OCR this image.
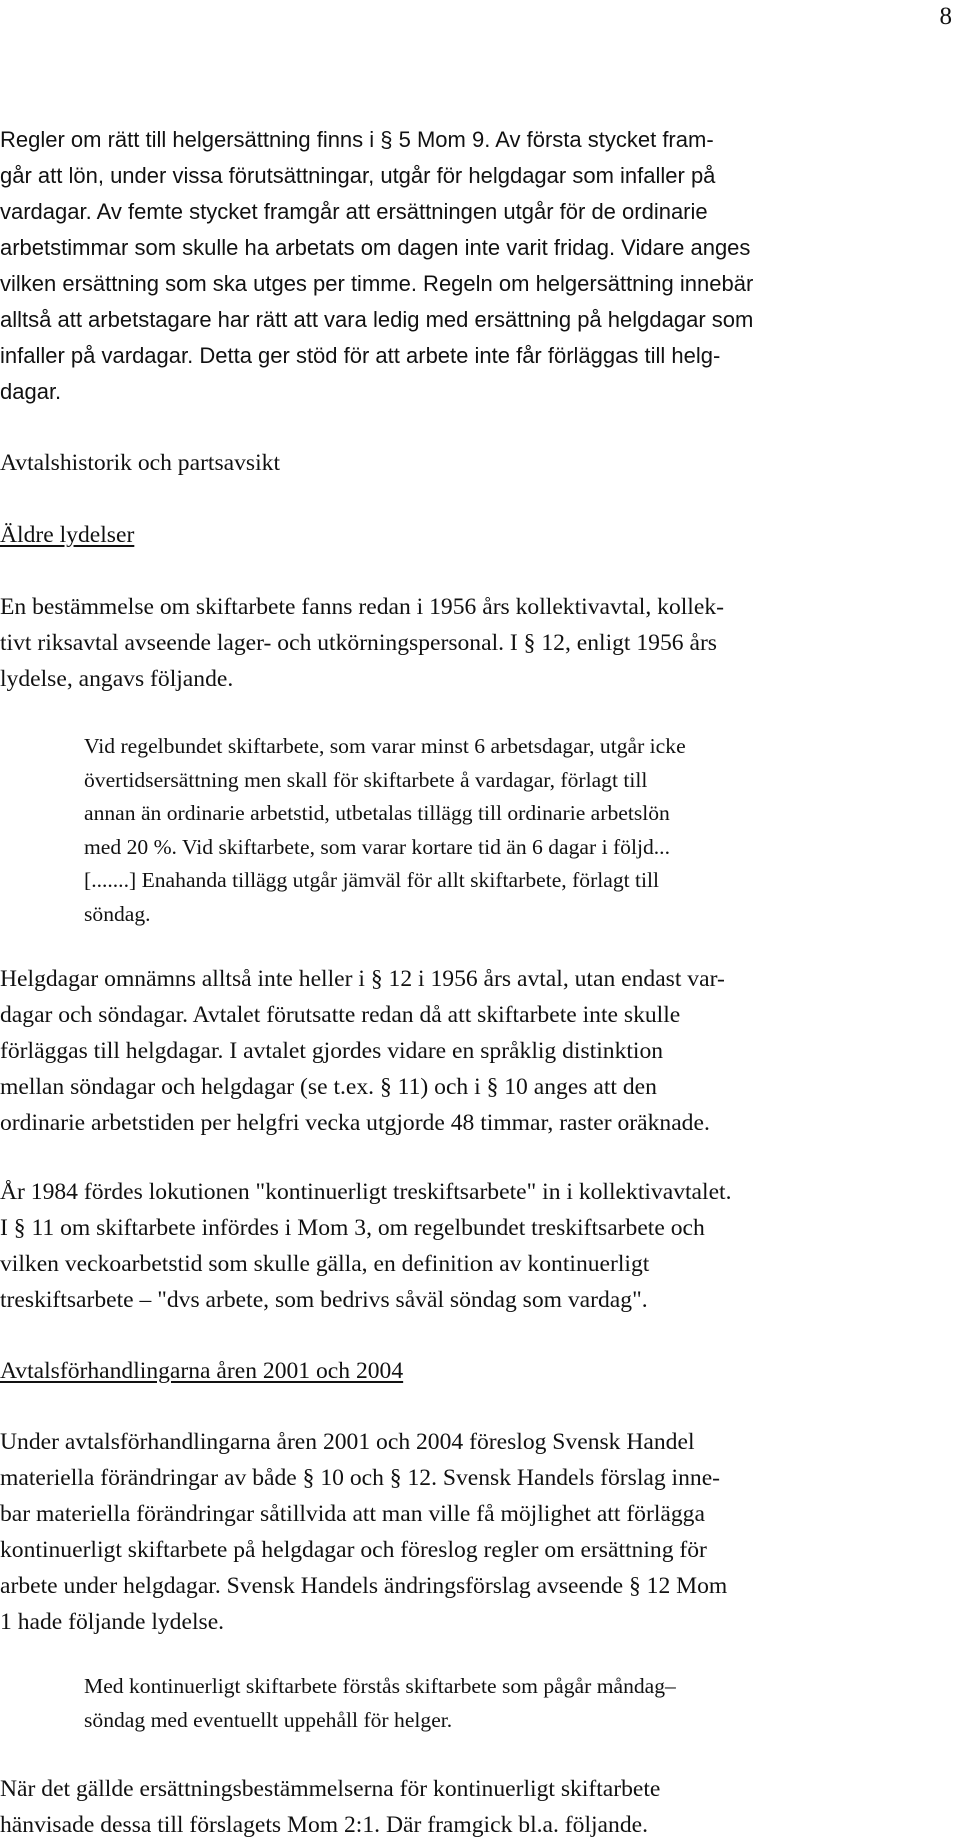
8
Regler om rätt till helgersättning finns i § 5 Mom 9. Av första stycket fram-
går att lön, under vissa förutsättningar, utgår för helgdagar som infaller på
vardagar. Av femte stycket framgår att ersättningen utgår för de ordinarie
arbetstimmar som skulle ha arbetats om dagen inte varit fridag. Vidare anges
vilken ersättning som ska utges per timme. Regeln om helgersättning innebär
alltså att arbetstagare har rätt att vara ledig med ersättning på helgdagar som
infaller på vardagar. Detta ger stöd för att arbete inte får förläggas till helg-
dagar.
Avtalshistorik och partsavsikt
Äldre lydelser
En bestämmelse om skiftarbete fanns redan i 1956 års kollektivavtal, kollek-
tivt riksavtal avseende lager- och utkörningspersonal. I § 12, enligt 1956 års
lydelse, angavs följande.
Vid regelbundet skiftarbete, som varar minst 6 arbetsdagar, utgår icke
övertidsersättning men skall för skiftarbete å vardagar, förlagt till
annan än ordinarie arbetstid, utbetalas tillägg till ordinarie arbetslön
med 20 %. Vid skiftarbete, som varar kortare tid än 6 dagar i följd...
[.......] Enahanda tillägg utgår jämväl för allt skiftarbete, förlagt till
söndag.
Helgdagar omnämns alltså inte heller i § 12 i 1956 års avtal, utan endast var-
dagar och söndagar. Avtalet förutsatte redan då att skiftarbete inte skulle
förläggas till helgdagar. I avtalet gjordes vidare en språklig distinktion
mellan söndagar och helgdagar (se t.ex. § 11) och i § 10 anges att den
ordinarie arbetstiden per helgfri vecka utgjorde 48 timmar, raster oräknade.
År 1984 fördes lokutionen "kontinuerligt treskiftsarbete" in i kollektivavtalet.
I § 11 om skiftarbete infördes i Mom 3, om regelbundet treskiftsarbete och
vilken veckoarbetstid som skulle gälla, en definition av kontinuerligt
treskiftsarbete – "dvs arbete, som bedrivs såväl söndag som vardag".
Avtalsförhandlingarna åren 2001 och 2004
Under avtalsförhandlingarna åren 2001 och 2004 föreslog Svensk Handel
materiella förändringar av både § 10 och § 12. Svensk Handels förslag inne-
bar materiella förändringar såtillvida att man ville få möjlighet att förlägga
kontinuerligt skiftarbete på helgdagar och föreslog regler om ersättning för
arbete under helgdagar. Svensk Handels ändringsförslag avseende § 12 Mom
1 hade följande lydelse.
Med kontinuerligt skiftarbete förstås skiftarbete som pågår måndag–
söndag med eventuellt uppehåll för helger.
När det gällde ersättningsbestämmelserna för kontinuerligt skiftarbete
hänvisade dessa till förslagets Mom 2:1. Där framgick bl.a. följande.
